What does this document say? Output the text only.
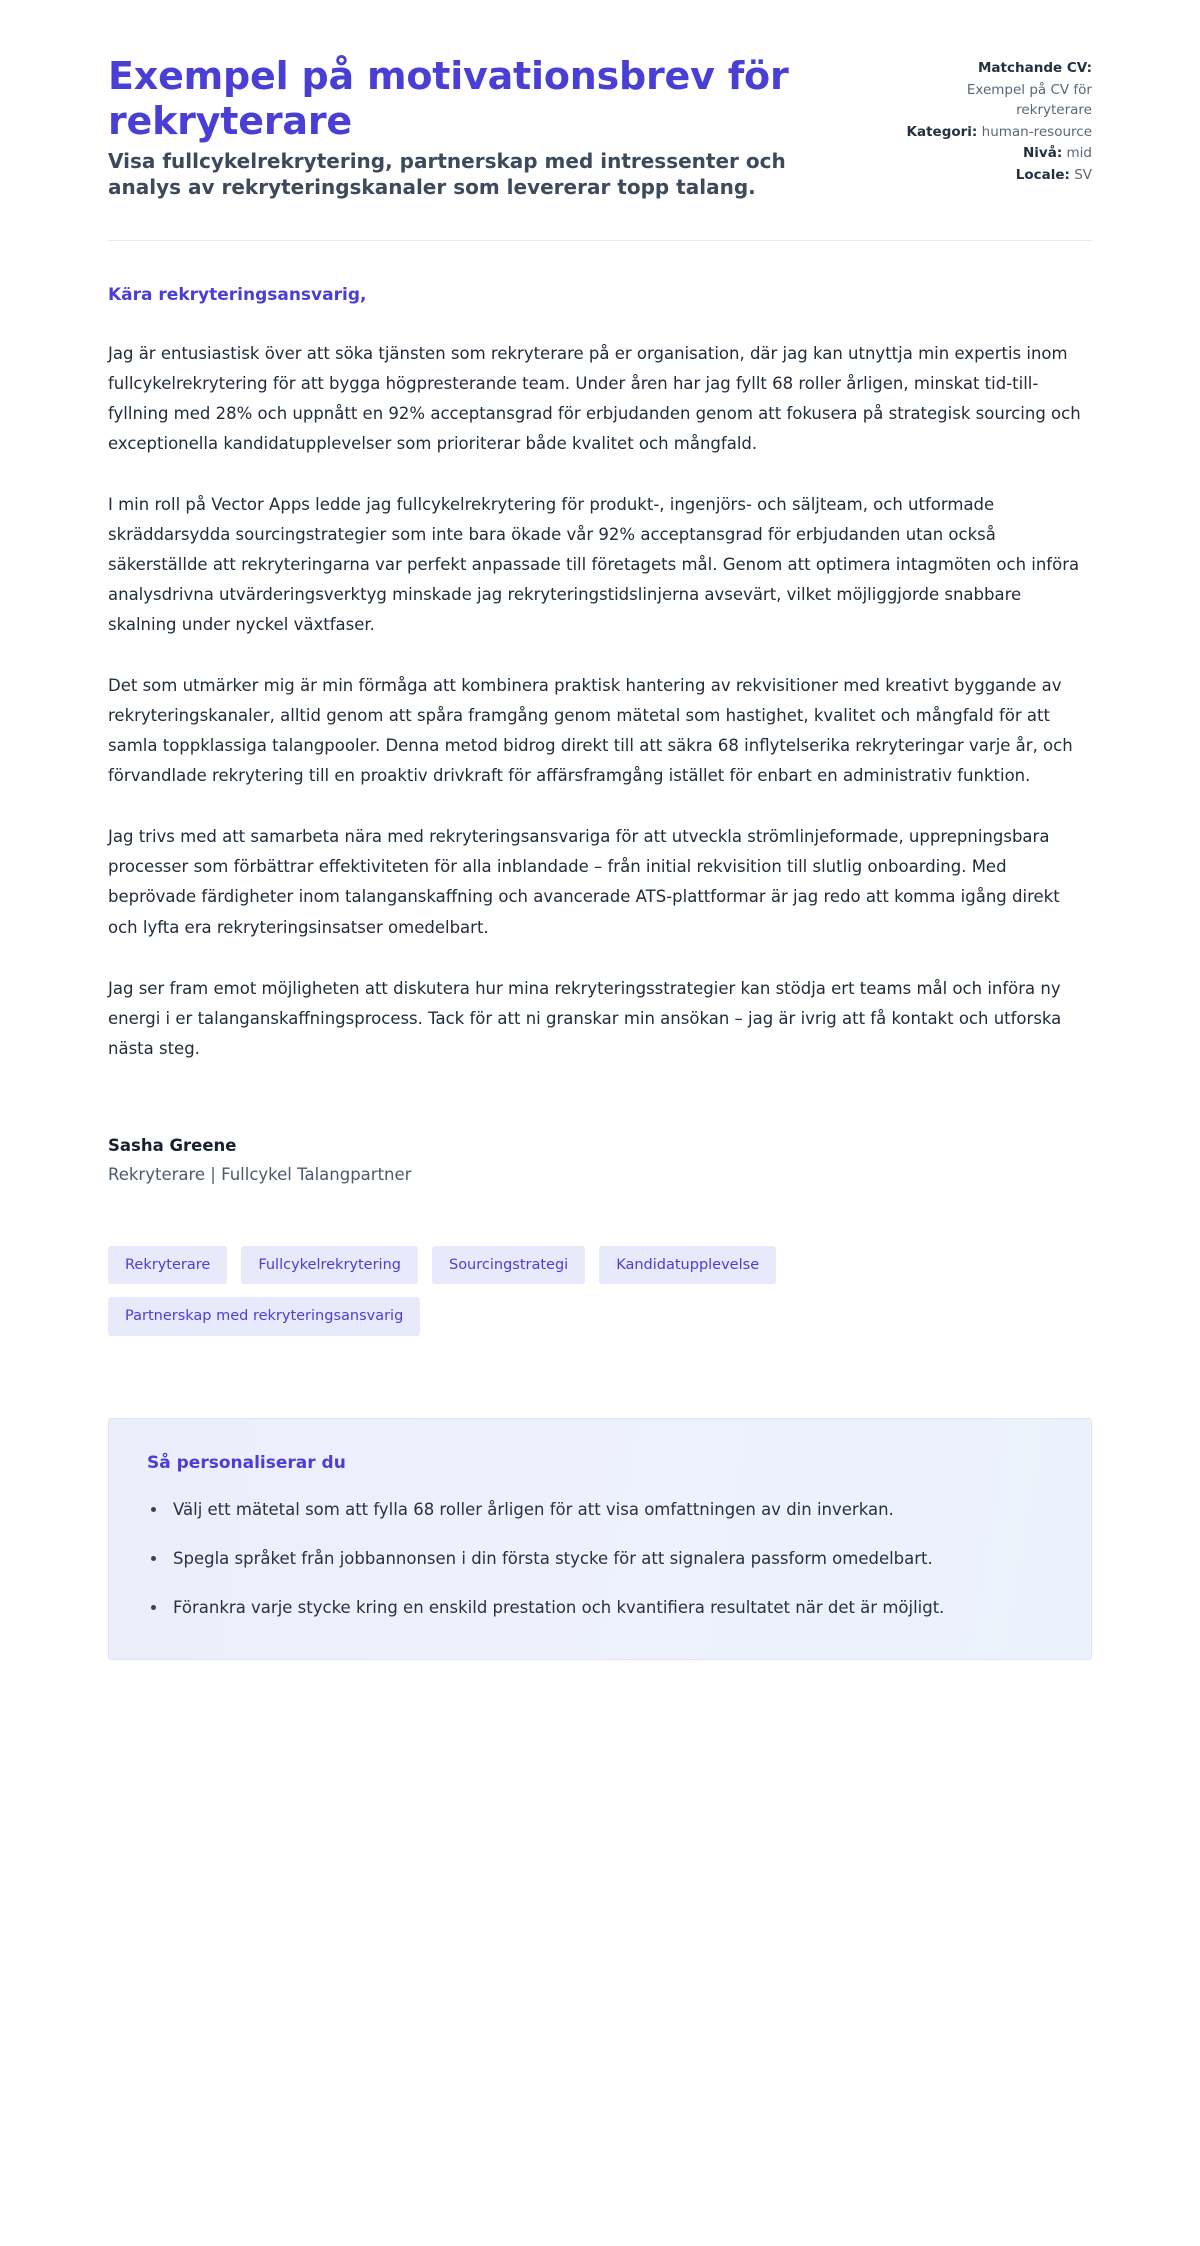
Exempel på motivationsbrev för rekryterare

Visa fullcykelrekrytering, partnerskap med intressenter och analys av rekryteringskanaler som levererar topp talang.

Matchande CV:
Exempel på CV för rekryterare
Kategori: human-resource
Nivå: mid
Locale: SV

Kära rekryteringsansvarig,

Jag är entusiastisk över att söka tjänsten som rekryterare på er organisation, där jag kan utnyttja min expertis inom fullcykelrekrytering för att bygga högpresterande team. Under åren har jag fyllt 68 roller årligen, minskat tid-till-fyllning med 28% och uppnått en 92% acceptansgrad för erbjudanden genom att fokusera på strategisk sourcing och exceptionella kandidatupplevelser som prioriterar både kvalitet och mångfald.

I min roll på Vector Apps ledde jag fullcykelrekrytering för produkt-, ingenjörs- och säljteam, och utformade skräddarsydda sourcingstrategier som inte bara ökade vår 92% acceptansgrad för erbjudanden utan också säkerställde att rekryteringarna var perfekt anpassade till företagets mål. Genom att optimera intagmöten och införa analysdrivna utvärderingsverktyg minskade jag rekryteringstidslinjerna avsevärt, vilket möjliggjorde snabbare skalning under nyckel växtfaser.

Det som utmärker mig är min förmåga att kombinera praktisk hantering av rekvisitioner med kreativt byggande av rekryteringskanaler, alltid genom att spåra framgång genom mätetal som hastighet, kvalitet och mångfald för att samla toppklassiga talangpooler. Denna metod bidrog direkt till att säkra 68 inflytelserika rekryteringar varje år, och förvandlade rekrytering till en proaktiv drivkraft för affärsframgång istället för enbart en administrativ funktion.

Jag trivs med att samarbeta nära med rekryteringsansvariga för att utveckla strömlinjeformade, upprepningsbara processer som förbättrar effektiviteten för alla inblandade – från initial rekvisition till slutlig onboarding. Med beprövade färdigheter inom talanganskaffning och avancerade ATS-plattformar är jag redo att komma igång direkt och lyfta era rekryteringsinsatser omedelbart.

Jag ser fram emot möjligheten att diskutera hur mina rekryteringsstrategier kan stödja ert teams mål och införa ny energi i er talanganskaffningsprocess. Tack för att ni granskar min ansökan – jag är ivrig att få kontakt och utforska nästa steg.

Sasha Greene

Rekryterare | Fullcykel Talangpartner

Rekryterare	Fullcykelrekrytering	Sourcingstrategi	Kandidatupplevelse
Partnerskap med rekryteringsansvarig
Så personaliserar du
Välj ett mätetal som att fylla 68 roller årligen för att visa omfattningen av din inverkan.
Spegla språket från jobbannonsen i din första stycke för att signalera passform omedelbart.
Förankra varje stycke kring en enskild prestation och kvantifiera resultatet när det är möjligt.
